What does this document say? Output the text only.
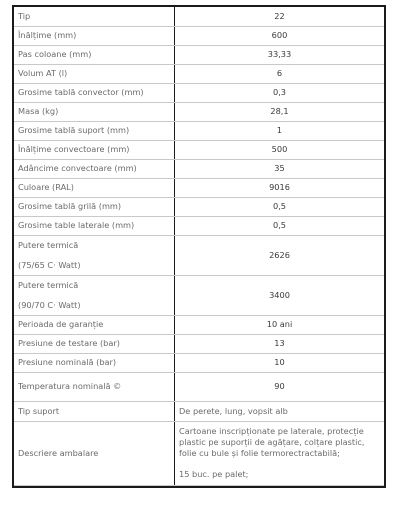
Tip	22
Înălțime (mm)	600
Pas coloane (mm)	33,33
Volum AT (l)	6
Grosime tablă convector (mm)	0,3
Masa (kg)	28,1
Grosime tablă suport (mm)	1
Înălțime convectoare (mm)	500
Adâncime convectoare (mm)	35
Culoare (RAL)	9016
Grosime tablă grilă (mm)	0,5
Grosime table laterale (mm)	0,5

Putere termică
(75/65 C· Watt)	2626

Putere termică
(90/70 C· Watt)	3400
Perioada de garanție	10 ani
Presiune de testare (bar)	13
Presiune nominală (bar)	10
Temperatura nominală ©	90
Tip suport	De perete, lung, vopsit alb
Descriere ambalare	Cartoane inscripționate pe laterale, protecție plastic pe suporții de agățare, colțare plastic, folie cu bule și folie termorectractabilă;
15 buc. pe palet;
